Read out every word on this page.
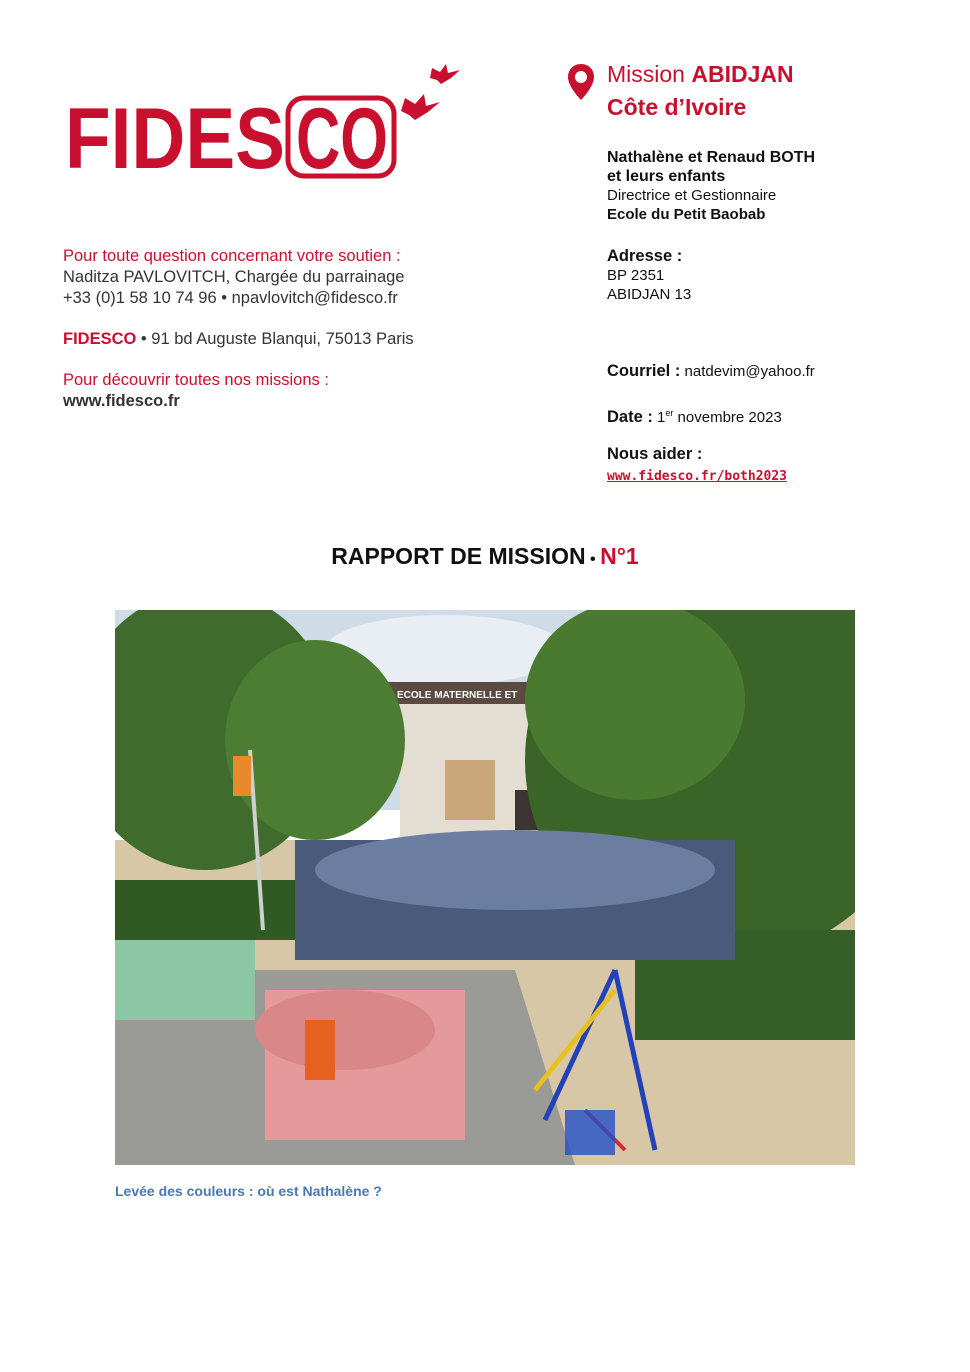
FIDES CO
Mission ABIDJAN
Côte d’Ivoire
Nathalène et Renaud BOTH
et leurs enfants
Directrice et Gestionnaire
Ecole du Petit Baobab
Adresse :
BP 2351
ABIDJAN 13
Courriel : natdevim@yahoo.fr
Date : 1er novembre 2023
Nous aider :
www.fidesco.fr/both2023
Pour toute question concernant votre soutien :
Naditza PAVLOVITCH, Chargée du parrainage
+33 (0)1 58 10 74 96 • npavlovitch@fidesco.fr
FIDESCO • 91 bd Auguste Blanqui, 75013 Paris
Pour découvrir toutes nos missions :
www.fidesco.fr
RAPPORT DE MISSION • N°1
ECOLE MATERNELLE ET
Levée des couleurs : où est Nathalène ?
